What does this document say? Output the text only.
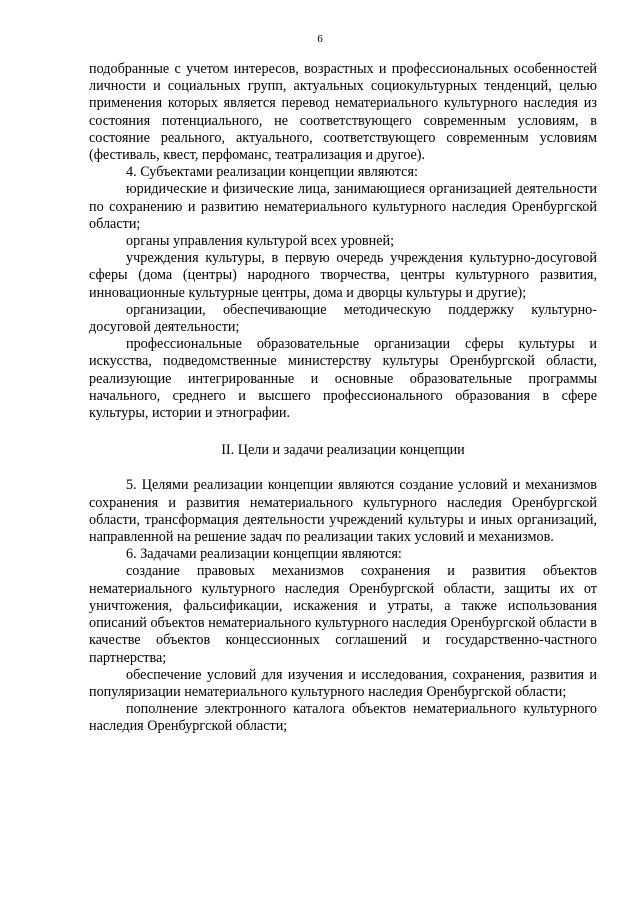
6

подобранные с учетом интересов, возрастных и профессиональных особенностей личности и социальных групп, актуальных социокультурных тенденций, целью применения которых является перевод нематериального культурного наследия из состояния потенциального, не соответствующего современным условиям, в состояние реального, актуального, соответствующего современным условиям (фестиваль, квест, перфоманс, театрализация и другое).

4. Субъектами реализации концепции являются:

юридические и физические лица, занимающиеся организацией деятельности по сохранению и развитию нематериального культурного наследия Оренбургской области;

органы управления культурой всех уровней;

учреждения культуры, в первую очередь учреждения культурно-досуговой сферы (дома (центры) народного творчества, центры культурного развития, инновационные культурные центры, дома и дворцы культуры и другие);

организации, обеспечивающие методическую поддержку культурно-досуговой деятельности;

профессиональные образовательные организации сферы культуры и искусства, подведомственные министерству культуры Оренбургской области, реализующие интегрированные и основные образовательные программы начального, среднего и высшего профессионального образования в сфере культуры, истории и этнографии.

II. Цели и задачи реализации концепции

5. Целями реализации концепции являются создание условий и механизмов сохранения и развития нематериального культурного наследия Оренбургской области, трансформация деятельности учреждений культуры и иных организаций, направленной на решение задач по реализации таких условий и механизмов.

6. Задачами реализации концепции являются:

создание правовых механизмов сохранения и развития объектов нематериального культурного наследия Оренбургской области, защиты их от уничтожения, фальсификации, искажения и утраты, а также использования описаний объектов нематериального культурного наследия Оренбургской области в качестве объектов концессионных соглашений и государственно-частного партнерства;

обеспечение условий для изучения и исследования, сохранения, развития и популяризации нематериального культурного наследия Оренбургской области;

пополнение электронного каталога объектов нематериального культурного наследия Оренбургской области;
